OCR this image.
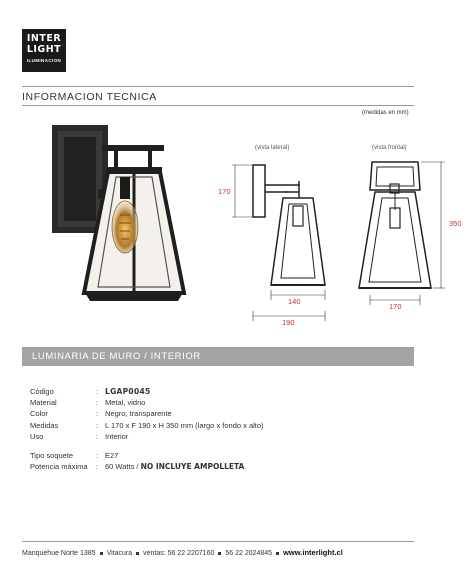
INTER
LIGHT
ILUMINACION
INFORMACION TECNICA
(medidas en mm)
(vista lateral)	(vista frontal)
170
140
190
350
170
LUMINARIA DE MURO / INTERIOR
Código	: LGAP0045
Material	: Metal, vidrio
Color	: Negro, transparente
Medidas	: L 170 x F 190 x H 350 mm (largo x fondo x alto)
Uso	: Interior
Tipo soquete	: E27
Potencia máxima	: 60 Watts / NO INCLUYE AMPOLLETA
Manquehue Norte 1385 Vitacura ventas: 56 22 2207160 56 22 2024845 www.interlight.cl
